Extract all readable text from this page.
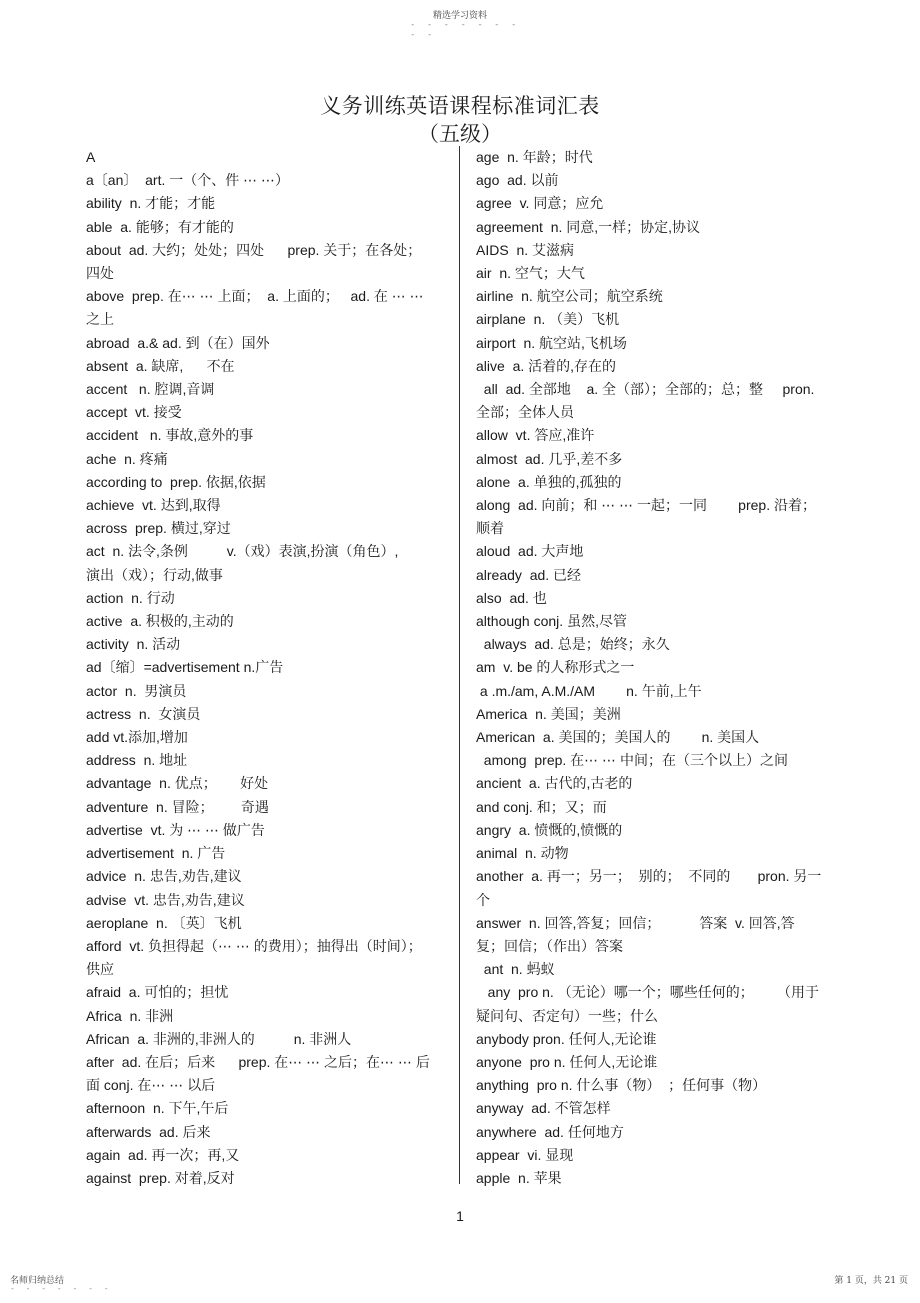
精选学习资料
- - - - - - - - -
义务训练英语课程标准词汇表
（五级）

A

a〔an〕  art. 一（个、件 ⋯ ⋯）

ability  n. 才能；才能

able  a. 能够；有才能的

about  ad. 大约；处处；四处      prep. 关于；在各处；

四处

above  prep. 在⋯ ⋯ 上面；  a. 上面的；   ad. 在 ⋯ ⋯

之上

abroad  a.& ad. 到（在）国外

absent  a. 缺席,      不在

accent   n. 腔调,音调

accept  vt. 接受

accident   n. 事故,意外的事

ache  n. 疼痛

according to  prep. 依据,依据

achieve  vt. 达到,取得

across  prep. 横过,穿过

act  n. 法令,条例          v.（戏）表演,扮演（角色）,

演出（戏）；行动,做事

action  n. 行动

active  a. 积极的,主动的

activity  n. 活动

ad〔缩〕=advertisement n.广告

actor  n.  男演员

actress  n.  女演员

add vt.添加,增加

address  n. 地址

advantage  n. 优点；      好处

adventure  n. 冒险；       奇遇

advertise  vt. 为 ⋯ ⋯ 做广告

advertisement  n. 广告

advice  n. 忠告,劝告,建议

advise  vt. 忠告,劝告,建议

aeroplane  n. 〔英〕飞机

afford  vt. 负担得起（⋯ ⋯ 的费用）；抽得出（时间）；

供应

afraid  a. 可怕的；担忧

Africa  n. 非洲

African  a. 非洲的,非洲人的          n. 非洲人

after  ad. 在后；后来      prep. 在⋯ ⋯ 之后；在⋯ ⋯ 后

面 conj. 在⋯ ⋯ 以后

afternoon  n. 下午,午后

afterwards  ad. 后来

again  ad. 再一次；再,又

against  prep. 对着,反对

age  n. 年龄；时代

ago  ad. 以前

agree  v. 同意；应允

agreement  n. 同意,一样；协定,协议

AIDS  n. 艾滋病

air  n. 空气；大气

airline  n. 航空公司；航空系统

airplane  n. （美）飞机

airport  n. 航空站,飞机场

alive  a. 活着的,存在的

all  ad. 全部地    a. 全（部）；全部的；总；整     pron.

全部；全体人员

allow  vt. 答应,准许

almost  ad. 几乎,差不多

alone  a. 单独的,孤独的

along  ad. 向前；和 ⋯ ⋯ 一起；一同        prep. 沿着；

顺着

aloud  ad. 大声地

already  ad. 已经

also  ad. 也

although conj. 虽然,尽管

always  ad. 总是；始终；永久

am  v. be 的人称形式之一

a .m./am, A.M./AM        n. 午前,上午

America  n. 美国；美洲

American  a. 美国的；美国人的        n. 美国人

among  prep. 在⋯ ⋯ 中间；在（三个以上）之间

ancient  a. 古代的,古老的

and conj. 和；又；而

angry  a. 愤慨的,愤慨的

animal  n. 动物

another  a. 再一；另一；  别的；  不同的       pron. 另一

个

answer  n. 回答,答复；回信；          答案  v. 回答,答

复；回信；（作出）答案

ant  n. 蚂蚁

any  pro n. （无论）哪一个；哪些任何的；      （用于

疑问句、否定句）一些；什么

anybody pron. 任何人,无论谁

anyone  pro n. 任何人,无论谁

anything  pro n. 什么事（物）  ；任何事（物）

anyway  ad. 不管怎样

anywhere  ad. 任何地方

appear  vi. 显现

apple  n. 苹果

1
名师归纳总结
- - - - - - -
第 1 页，共 21 页
